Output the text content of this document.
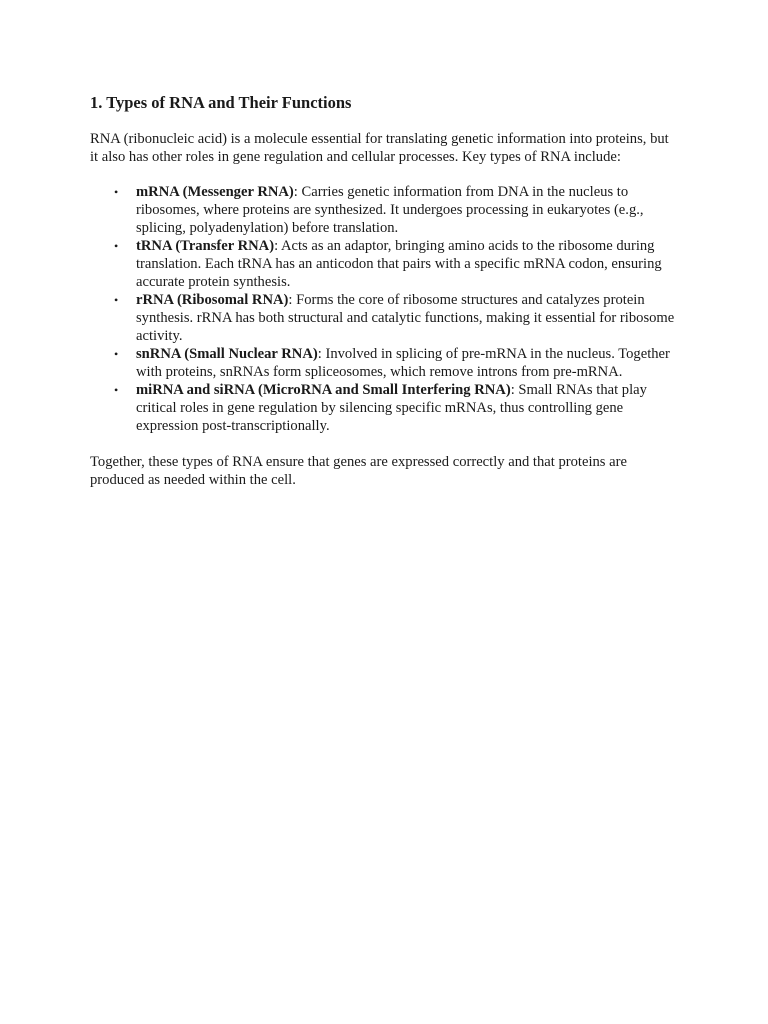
1. Types of RNA and Their Functions

RNA (ribonucleic acid) is a molecule essential for translating genetic information into proteins, but it also has other roles in gene regulation and cellular processes. Key types of RNA include:

• mRNA (Messenger RNA): Carries genetic information from DNA in the nucleus to ribosomes, where proteins are synthesized. It undergoes processing in eukaryotes (e.g., splicing, polyadenylation) before translation.
• tRNA (Transfer RNA): Acts as an adaptor, bringing amino acids to the ribosome during translation. Each tRNA has an anticodon that pairs with a specific mRNA codon, ensuring accurate protein synthesis.
• rRNA (Ribosomal RNA): Forms the core of ribosome structures and catalyzes protein synthesis. rRNA has both structural and catalytic functions, making it essential for ribosome activity.
• snRNA (Small Nuclear RNA): Involved in splicing of pre-mRNA in the nucleus. Together with proteins, snRNAs form spliceosomes, which remove introns from pre-mRNA.
• miRNA and siRNA (MicroRNA and Small Interfering RNA): Small RNAs that play critical roles in gene regulation by silencing specific mRNAs, thus controlling gene expression post-transcriptionally.

Together, these types of RNA ensure that genes are expressed correctly and that proteins are produced as needed within the cell.
